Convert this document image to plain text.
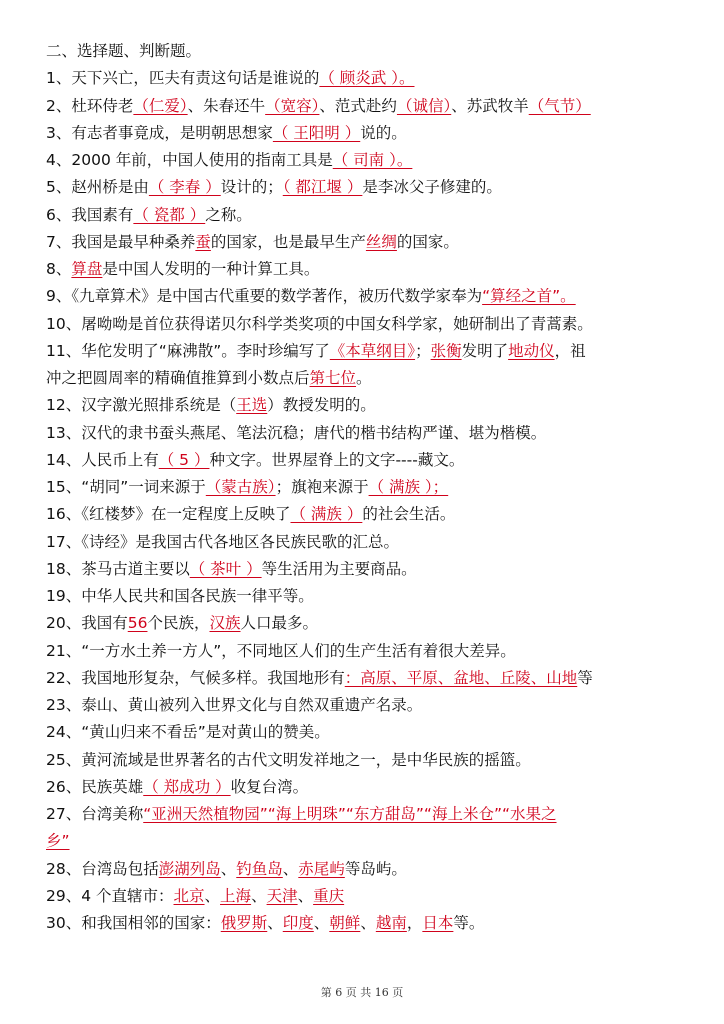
二、选择题、判断题。
1、天下兴亡，匹夫有责这句话是谁说的（ 顾炎武 ）。
2、杜环侍老（仁爱）、朱春还牛（宽容）、范式赴约（诚信）、苏武牧羊（气节）
3、有志者事竟成，是明朝思想家（ 王阳明 ）说的。
4、2000 年前，中国人使用的指南工具是（ 司南 ）。
5、赵州桥是由（ 李春 ）设计的；（ 都江堰 ）是李冰父子修建的。
6、我国素有（ 瓷都 ）之称。
7、我国是最早种桑养蚕的国家，也是最早生产丝绸的国家。
8、算盘是中国人发明的一种计算工具。
9、《九章算术》是中国古代重要的数学著作，被历代数学家奉为“算经之首”。
10、屠呦呦是首位获得诺贝尔科学类奖项的中国女科学家，她研制出了青蒿素。
11、华佗发明了“麻沸散”。李时珍编写了《本草纲目》；张衡发明了地动仪，祖
冲之把圆周率的精确值推算到小数点后第七位。
12、汉字激光照排系统是（王选）教授发明的。
13、汉代的隶书蚕头燕尾、笔法沉稳；唐代的楷书结构严谨、堪为楷模。
14、人民币上有（ 5 ）种文字。世界屋脊上的文字----藏文。
15、“胡同”一词来源于（蒙古族）；旗袍来源于（ 满族 ）；
16、《红楼梦》在一定程度上反映了（ 满族 ）的社会生活。
17、《诗经》是我国古代各地区各民族民歌的汇总。
18、茶马古道主要以（ 茶叶 ）等生活用为主要商品。
19、中华人民共和国各民族一律平等。
20、我国有56个民族，汉族人口最多。
21、“一方水土养一方人”，不同地区人们的生产生活有着很大差异。
22、我国地形复杂，气候多样。我国地形有：高原、平原、盆地、丘陵、山地等
23、泰山、黄山被列入世界文化与自然双重遗产名录。
24、“黄山归来不看岳”是对黄山的赞美。
25、黄河流域是世界著名的古代文明发祥地之一，是中华民族的摇篮。
26、民族英雄（ 郑成功 ）收复台湾。
27、台湾美称“亚洲天然植物园”“海上明珠”“东方甜岛”“海上米仓”“水果之
乡”
28、台湾岛包括澎湖列岛、钓鱼岛、赤尾屿等岛屿。
29、4 个直辖市：北京、上海、天津、重庆
30、和我国相邻的国家：俄罗斯、印度、朝鲜、越南，日本等。
第 6 页 共 16 页
